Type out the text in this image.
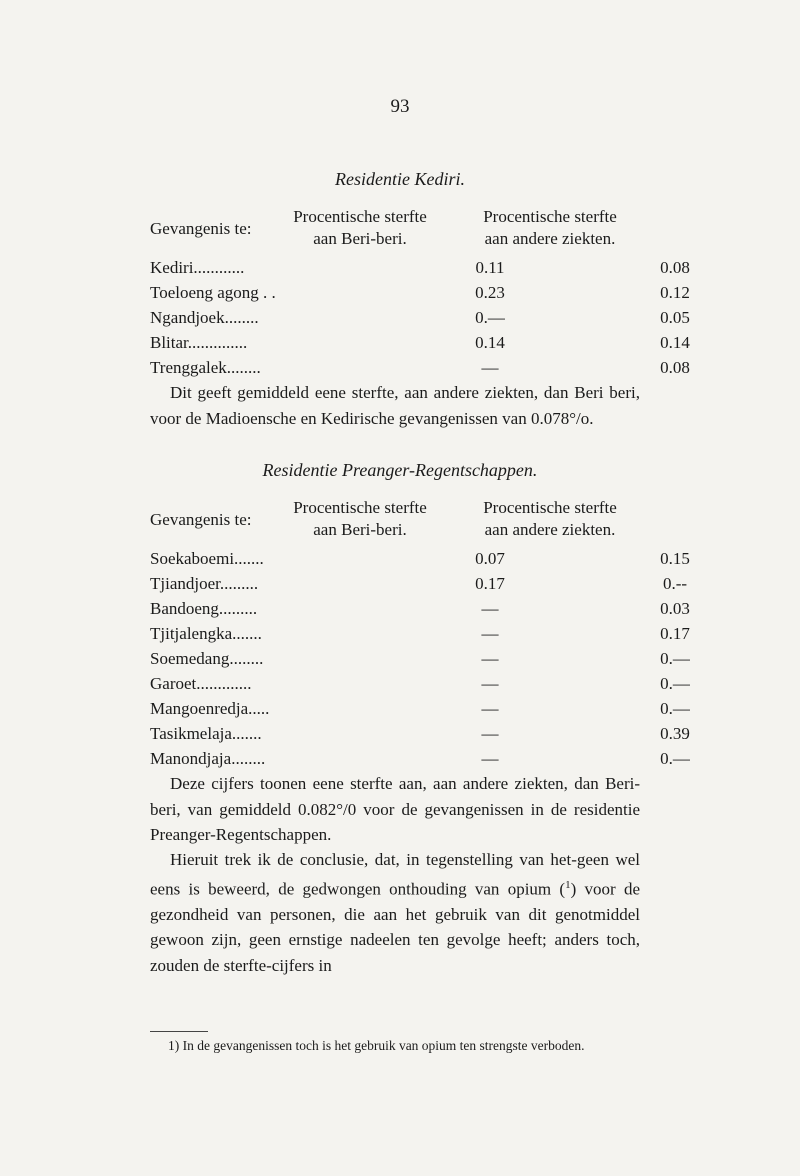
93
Residentie Kediri.
Gevangenis te:
Procentische sterfte
aan Beri-beri.
Procentische sterfte
aan andere ziekten.
Kediri............	0.11	0.08
Toeloeng agong . .	0.23	0.12
Ngandjoek........	0.—	0.05
Blitar..............	0.14	0.14
Trenggalek........	—	0.08
Dit geeft gemiddeld eene sterfte, aan andere ziekten, dan Beri beri, voor de Madioensche en Kedirische gevangenissen van 0.078°/o.
Residentie Preanger-Regentschappen.
Gevangenis te:
Procentische sterfte
aan Beri-beri.
Procentische sterfte
aan andere ziekten.
Soekaboemi.......	0.07	0.15
Tjiandjoer.........	0.17	0.--
Bandoeng.........	—	0.03
Tjitjalengka.......	—	0.17
Soemedang........	—	0.—
Garoet.............	—	0.—
Mangoenredja.....	—	0.—
Tasikmelaja.......	—	0.39
Manondjaja........	—	0.—
Deze cijfers toonen eene sterfte aan, aan andere ziekten, dan Beri-beri, van gemiddeld 0.082°/0 voor de gevangenissen in de residentie Preanger-Regentschappen.
Hieruit trek ik de conclusie, dat, in tegenstelling van het-geen wel eens is beweerd, de gedwongen onthouding van opium ($^1$) voor de gezondheid van personen, die aan het gebruik van dit genotmiddel gewoon zijn, geen ernstige nadeelen ten gevolge heeft; anders toch, zouden de sterfte-cijfers in
1) In de gevangenissen toch is het gebruik van opium ten strengste verboden.
